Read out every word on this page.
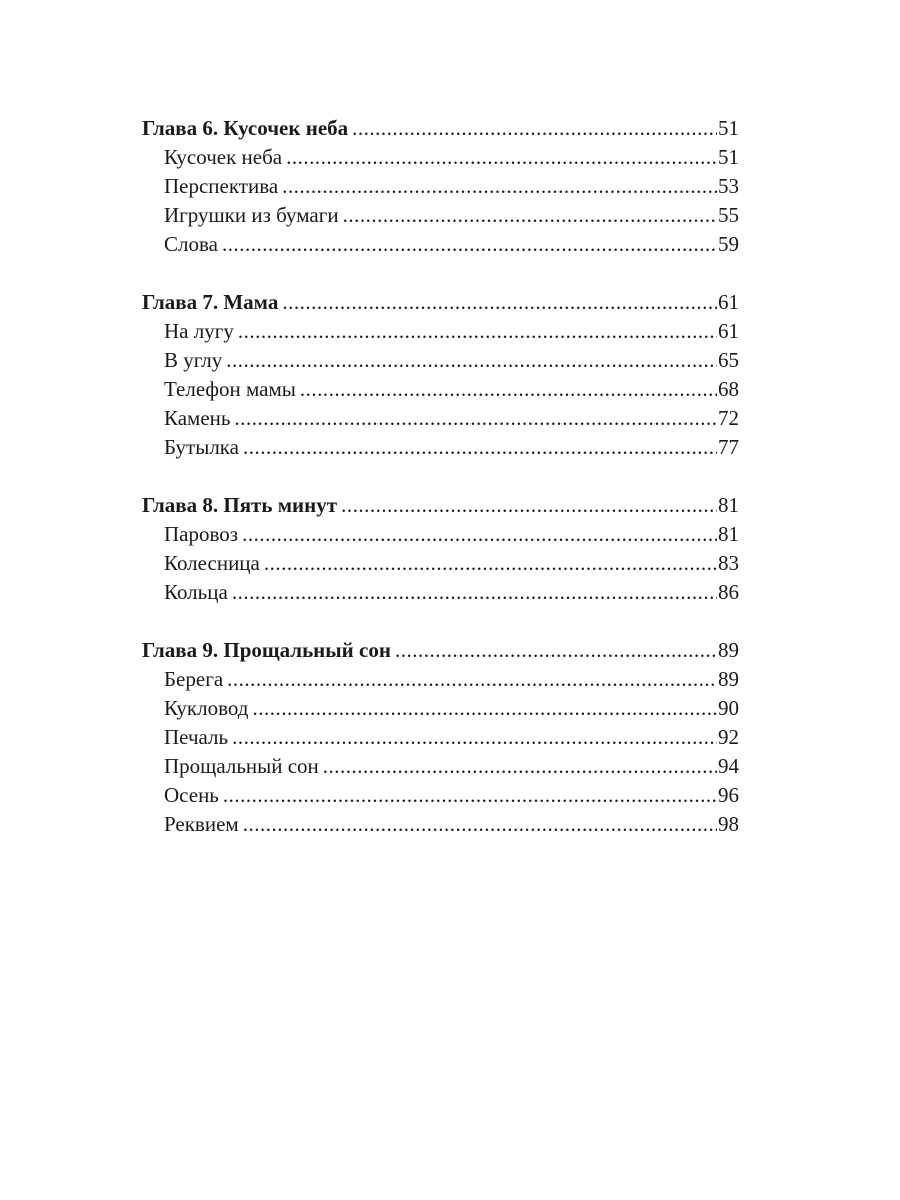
Глава 6. Кусочек неба .....	51
Кусочек неба .....	51
Перспектива .....	53
Игрушки из бумаги .....	55
Слова .....	59
Глава 7. Мама .....	61
На лугу .....	61
В углу .....	65
Телефон мамы .....	68
Камень .....	72
Бутылка .....	77
Глава 8. Пять минут .....	81
Паровоз .....	81
Колесница .....	83
Кольца .....	86
Глава 9. Прощальный сон .....	89
Берега .....	89
Кукловод .....	90
Печаль .....	92
Прощальный сон .....	94
Осень .....	96
Реквием .....	98
